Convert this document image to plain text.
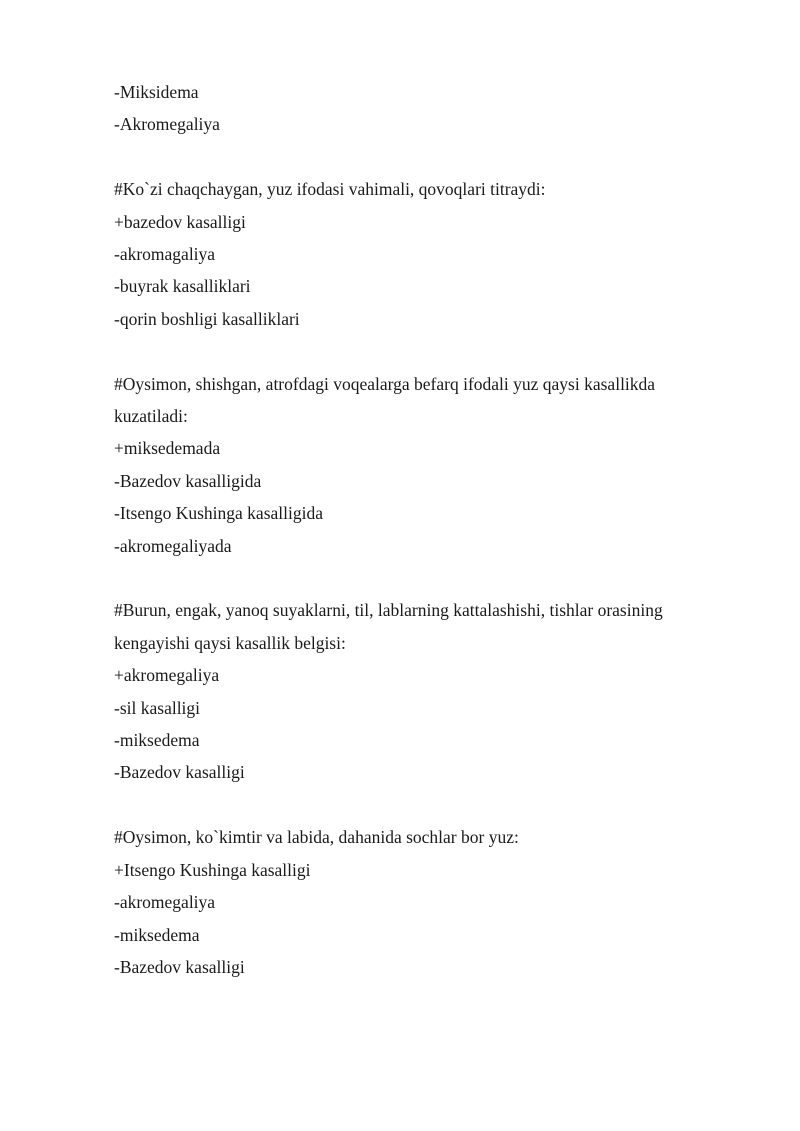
-Miksidema
-Akromegaliya
#Ko`zi chaqchaygan, yuz ifodasi vahimali, qovoqlari titraydi:
+bazedov kasalligi
-akromagaliya
-buyrak kasalliklari
-qorin boshligi kasalliklari
#Oysimon, shishgan, atrofdagi voqealarga befarq ifodali yuz qaysi kasallikda kuzatiladi:
+miksedemada
-Bazedov kasalligida
-Itsengo Kushinga kasalligida
-akromegaliyada
#Burun, engak, yanoq suyaklarni, til, lablarning kattalashishi, tishlar orasining kengayishi qaysi kasallik belgisi:
+akromegaliya
-sil kasalligi
-miksedema
-Bazedov kasalligi
#Oysimon, ko`kimtir va labida, dahanida sochlar bor yuz:
+Itsengo Kushinga kasalligi
-akromegaliya
-miksedema
-Bazedov kasalligi
